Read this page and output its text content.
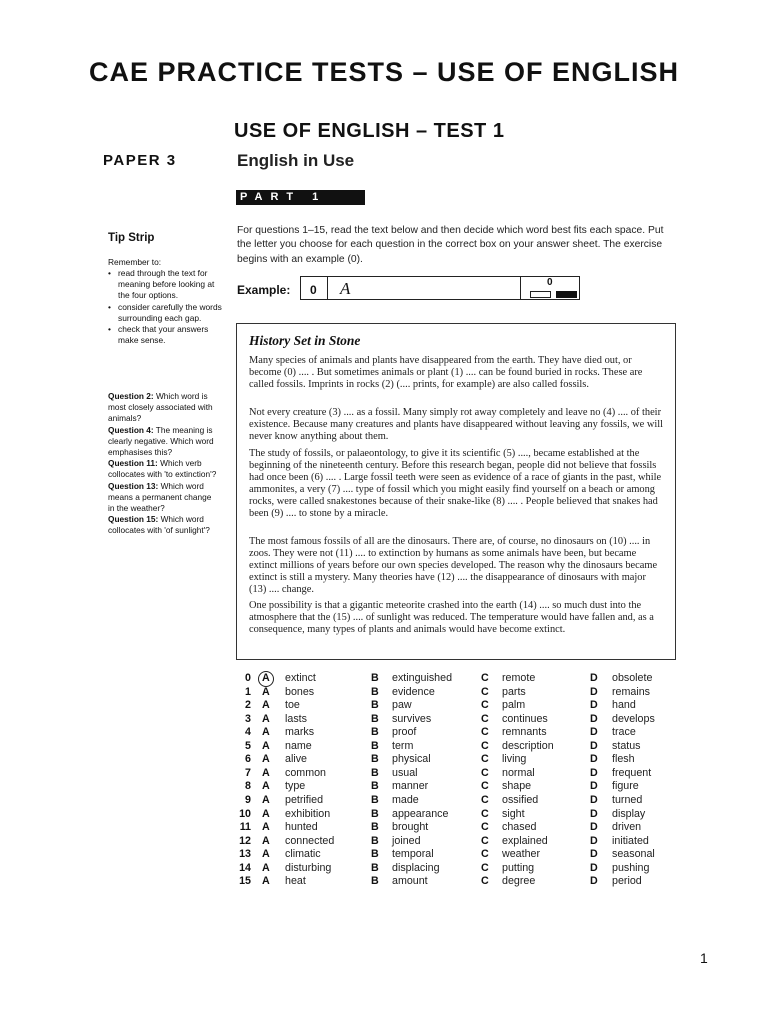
CAE PRACTICE TESTS – USE OF ENGLISH
USE OF ENGLISH – TEST 1
PAPER 3	English in Use
PART 1
For questions 1–15, read the text below and then decide which word best fits each space. Put the letter you choose for each question in the correct box on your answer sheet. The exercise begins with an example (0).
Example: 0 A	0
Tip Strip
Remember to:
• read through the text for meaning before looking at the four options.
• consider carefully the words surrounding each gap.
• check that your answers make sense.

Question 2: Which word is most closely associated with animals?

Question 4: The meaning is clearly negative. Which word emphasises this?

Question 11: Which verb collocates with 'to extinction'?

Question 13: Which word means a permanent change in the weather?

Question 15: Which word collocates with 'of sunlight'?

History Set in Stone

Many species of animals and plants have disappeared from the earth. They have died out, or become (0) .... . But sometimes animals or plant (1) .... can be found buried in rocks. These are called fossils. Imprints in rocks (2) (.... prints, for example) are also called fossils.

Not every creature (3) .... as a fossil. Many simply rot away completely and leave no (4) .... of their existence. Because many creatures and plants have disappeared without leaving any fossils, we will never know anything about them.

The study of fossils, or palaeontology, to give it its scientific (5) ...., became established at the beginning of the nineteenth century. Before this research began, people did not believe that fossils had once been (6) .... . Large fossil teeth were seen as evidence of a race of giants in the past, while ammonites, a very (7) .... type of fossil which you might easily find yourself on a beach or among rocks, were called snakestones because of their snake-like (8) .... . People believed that snakes had been (9) .... to stone by a miracle.

The most famous fossils of all are the dinosaurs. There are, of course, no dinosaurs on (10) .... in zoos. They were not (11) .... to extinction by humans as some animals have been, but became extinct millions of years before our own species developed. The reason why the dinosaurs became extinct is still a mystery. Many theories have (12) .... the disappearance of dinosaurs with major (13) .... change.

One possibility is that a gigantic meteorite crashed into the earth (14) .... so much dust into the atmosphere that the (15) .... of sunlight was reduced. The temperature would have fallen and, as a consequence, many types of plants and animals would have become extinct.

0 A extinct	B extinguished	C remote	D obsolete
1 A bones	B evidence	C parts	D remains
2 A toe	B paw	C palm	D hand
3 A lasts	B survives	C continues	D develops
4 A marks	B proof	C remnants	D trace
5 A name	B term	C description	D status
6 A alive	B physical	C living	D flesh
7 A common	B usual	C normal	D frequent
8 A type	B manner	C shape	D figure
9 A petrified	B made	C ossified	D turned
10 A exhibition	B appearance	C sight	D display
11 A hunted	B brought	C chased	D driven
12 A connected	B joined	C explained	D initiated
13 A climatic	B temporal	C weather	D seasonal
14 A disturbing	B displacing	C putting	D pushing
15 A heat	B amount	C degree	D period
1
